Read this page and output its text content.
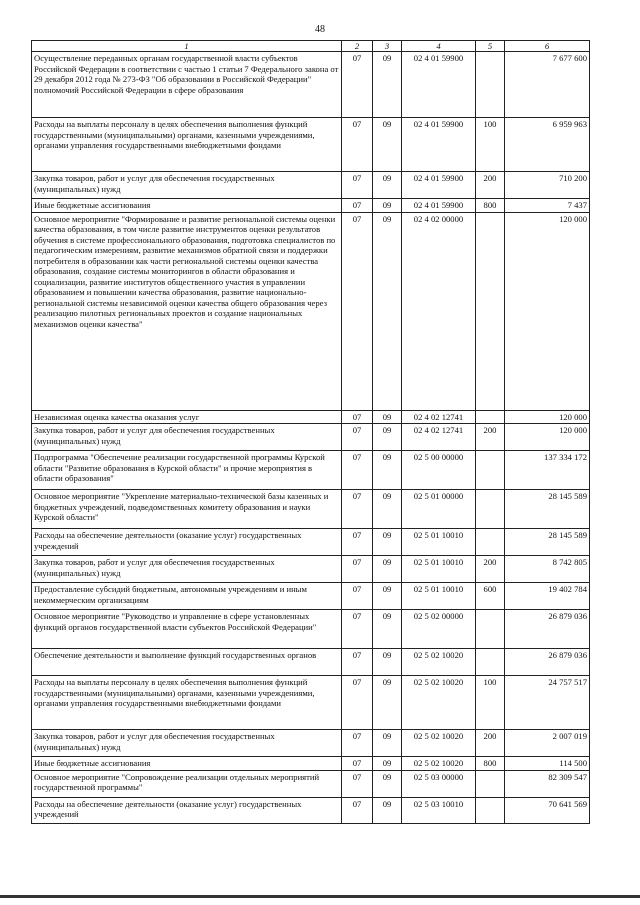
48
1	2	3	4	5	6
Осуществление переданных органам государственной власти субъектов Российской Федерации в соответствии с частью 1 статьи 7 Федерального закона от 29 декабря 2012 года № 273-ФЗ "Об образовании в Российской Федерации" полномочий Российской Федерации в сфере образования	07	09	02 4 01 59900		7 677 600
Расходы на выплаты персоналу в целях обеспечения выполнения функций государственными (муниципальными) органами, казенными учреждениями, органами управления государственными внебюджетными фондами	07	09	02 4 01 59900	100	6 959 963
Закупка товаров, работ и услуг для обеспечения государственных (муниципальных) нужд	07	09	02 4 01 59900	200	710 200
Иные бюджетные ассигнования	07	09	02 4 01 59900	800	7 437
Основное мероприятие "Формирование и развитие региональной системы оценки качества образования, в том числе развитие инструментов оценки результатов обучения в системе профессионального образования, подготовка специалистов по педагогическим измерениям, развитие механизмов обратной связи и поддержки потребителя в образовании как части региональной системы оценки качества образования, создание системы мониторингов в области образования и социализации, развитие институтов общественного участия в управлении образованием и повышении качества образования, развитие национально- региональной системы независимой оценки качества общего образования через реализацию пилотных региональных проектов и создание национальных механизмов оценки качества"	07	09	02 4 02 00000		120 000
Независимая оценка качества оказания услуг	07	09	02 4 02 12741		120 000
Закупка товаров, работ и услуг для обеспечения государственных (муниципальных) нужд	07	09	02 4 02 12741	200	120 000
Подпрограмма "Обеспечение реализации государственной программы Курской области "Развитие образования в Курской области" и прочие мероприятия в области образования"	07	09	02 5 00 00000		137 334 172
Основное мероприятие "Укрепление материально-технической базы казенных и бюджетных учреждений, подведомственных комитету образования и науки Курской области"	07	09	02 5 01 00000		28 145 589
Расходы на обеспечение деятельности (оказание услуг) государственных учреждений	07	09	02 5 01 10010		28 145 589
Закупка товаров, работ и услуг для обеспечения государственных (муниципальных) нужд	07	09	02 5 01 10010	200	8 742 805
Предоставление субсидий бюджетным, автономным учреждениям и иным некоммерческим организациям	07	09	02 5 01 10010	600	19 402 784
Основное мероприятие "Руководство и управление в сфере установленных функций органов государственной власти субъектов Российской Федерации"	07	09	02 5 02 00000		26 879 036
Обеспечение деятельности и выполнение функций государственных органов	07	09	02 5 02 10020		26 879 036
Расходы на выплаты персоналу в целях обеспечения выполнения функций государственными (муниципальными) органами, казенными учреждениями, органами управления государственными внебюджетными фондами	07	09	02 5 02 10020	100	24 757 517
Закупка товаров, работ и услуг для обеспечения государственных (муниципальных) нужд	07	09	02 5 02 10020	200	2 007 019
Иные бюджетные ассигнования	07	09	02 5 02 10020	800	114 500
Основное мероприятие "Сопровождение реализации отдельных мероприятий государственной программы"	07	09	02 5 03 00000		82 309 547
Расходы на обеспечение деятельности (оказание услуг) государственных учреждений	07	09	02 5 03 10010		70 641 569
